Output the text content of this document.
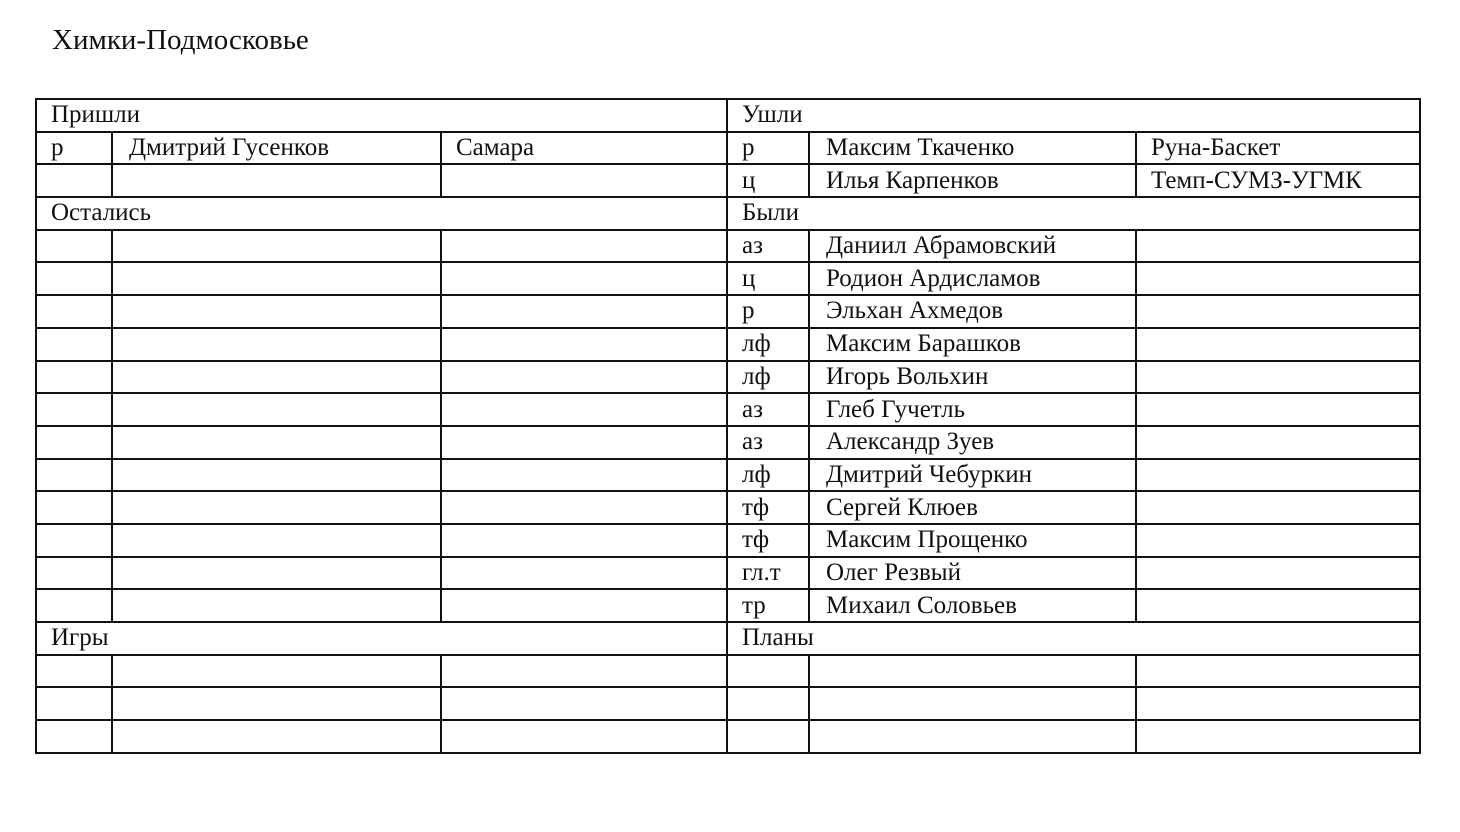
Химки-Подмосковье
Пришли			Ушли		
р	Дмитрий Гусенков	Самара	р	Максим Ткаченко	Руна-Баскет
			ц	Илья Карпенков	Темп-СУМЗ-УГМК
Остались			Были		
			аз	Даниил Абрамовский	
			ц	Родион Ардисламов	
			р	Эльхан Ахмедов	
			лф	Максим Барашков	
			лф	Игорь Вольхин	
			аз	Глеб Гучетль	
			аз	Александр Зуев	
			лф	Дмитрий Чебуркин	
			тф	Сергей Клюев	
			тф	Максим Прощенко	
			гл.т	Олег Резвый	
			тр	Михаил Соловьев	
Игры			Планы		
